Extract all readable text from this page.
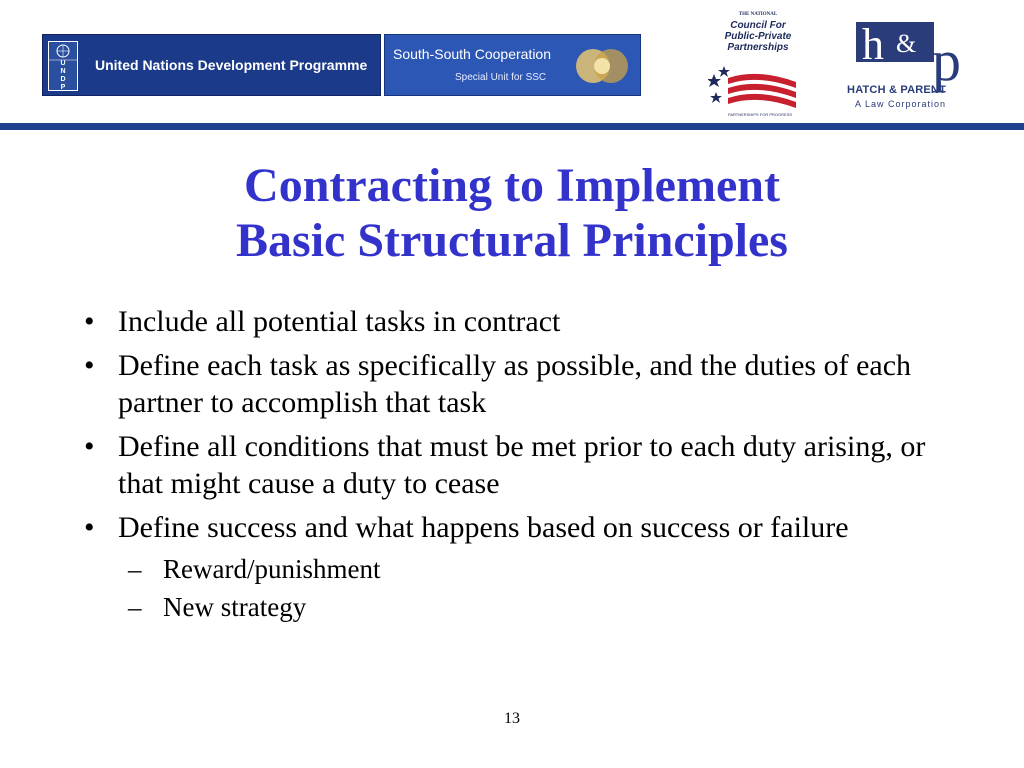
U
N
D
P
United Nations Development Programme
South-South Cooperation
Special Unit for SSC
THE NATIONAL
Council For
Public-Private
Partnerships
PARTNERSHIPS FOR PROGRESS
h & p
HATCH & PARENT
A Law Corporation
Contracting to Implement
Basic Structural Principles
• Include all potential tasks in contract
• Define each task as specifically as possible, and the duties of each partner to accomplish that task
• Define all conditions that must be met prior to each duty arising, or that might cause a duty to cease
• Define success and what happens based on success or failure
– Reward/punishment
– New strategy
13
